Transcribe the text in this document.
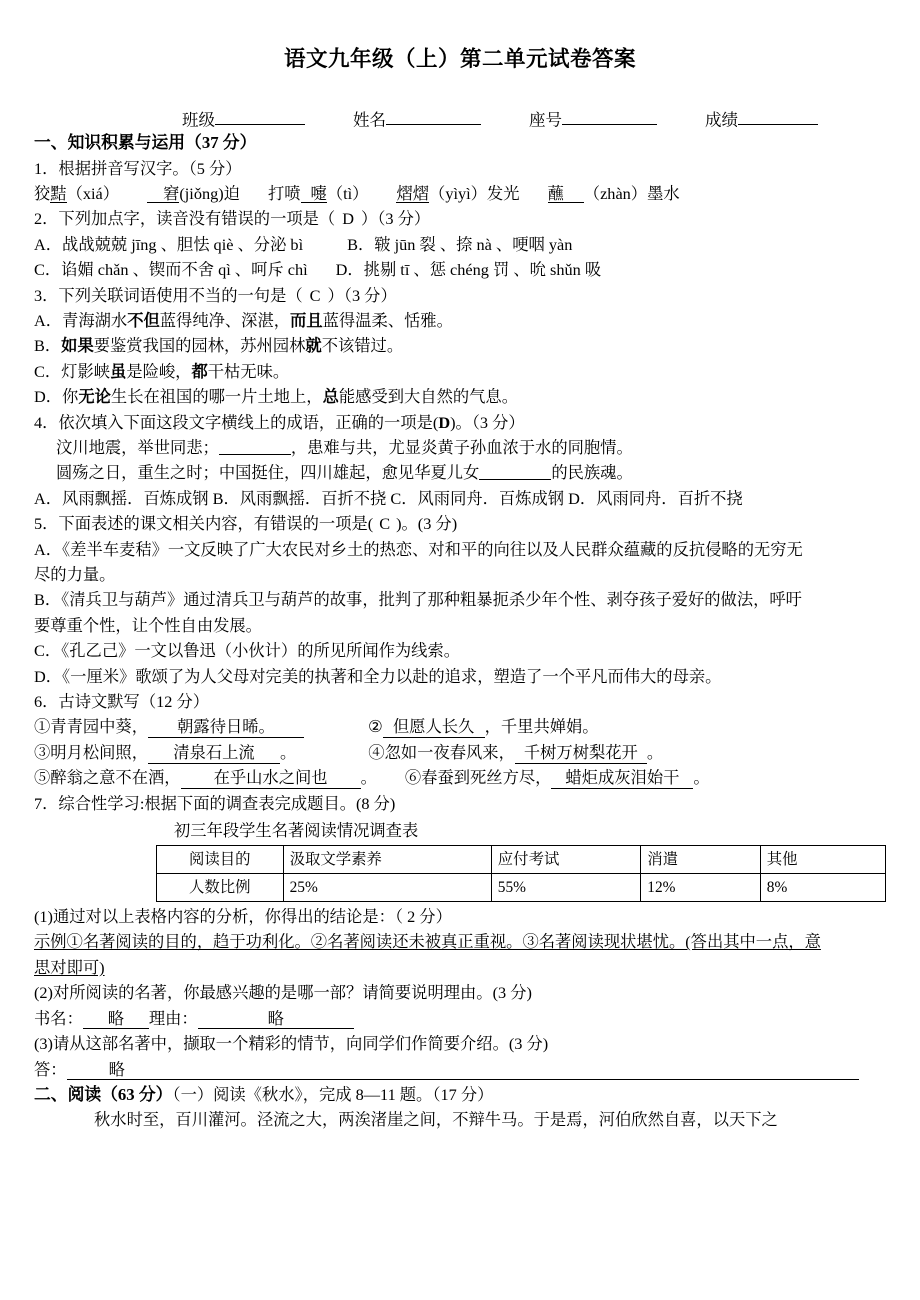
语文九年级（上）第二单元试卷答案
班级	姓名	座号	成绩
一、知识积累与运用（37 分）
1．根据拼音写汉字。（5 分）
狡黠（xiá）	窘(jiǒng)迫 打喷 嚏（tì） 熠熠（yìyì）发光 蘸 （zhàn）墨水
2．下列加点字，读音没有错误的一项是（ D ）（3 分）
A．战战兢兢 jīng 、胆怯 qiè 、分泌 bì	B．皲 jūn 裂 、捺 nà 、哽咽 yàn
C．谄媚 chǎn 、锲而不舍 qì 、呵斥 chì D．挑剔 tī 、惩 chéng 罚 、吮 shǔn 吸
3．下列关联词语使用不当的一句是（ C ）（3 分）
A．青海湖水不但蓝得纯净、深湛，而且蓝得温柔、恬雅。
B．如果要鉴赏我国的园林，苏州园林就不该错过。
C．灯影峡虽是险峻，都干枯无味。
D．你无论生长在祖国的哪一片土地上，总能感受到大自然的气息。
4．依次填入下面这段文字横线上的成语，正确的一项是(D)。（3 分）
汶川地震，举世同悲；	，患难与共，尤显炎黄子孙血浓于水的同胞情。
圆殇之日，重生之时；中国挺住，四川雄起，愈见华夏儿女	的民族魂。
A．风雨飘摇．百炼成钢 B．风雨飘摇．百折不挠 C．风雨同舟．百炼成钢 D．风雨同舟．百折不挠
5．下面表述的课文相关内容，有错误的一项是( C )。(3 分)
A．《差半车麦秸》一文反映了广大农民对乡土的热恋、对和平的向往以及人民群众蕴藏的反抗侵略的无穷无尽的力量。
B．《清兵卫与葫芦》通过清兵卫与葫芦的故事，批判了那种粗暴扼杀少年个性、剥夺孩子爱好的做法，呼吁要尊重个性，让个性自由发展。
C．《孔乙己》一文以鲁迅（小伙计）的所见所闻作为线索。
D．《一厘米》歌颂了为人父母对完美的执著和全力以赴的追求，塑造了一个平凡而伟大的母亲。
6．古诗文默写（12 分）
①青青园中葵， 朝露待日晞。	② 但愿人长久 ，千里共婵娟。
③明月松间照， 清泉石上流 。	④忽如一夜春风来， 千树万树梨花开 。
⑤醉翁之意不在酒， 在乎山水之间也 。 ⑥春蚕到死丝方尽， 蜡炬成灰泪始干 。
7．综合性学习:根据下面的调查表完成题目。(8 分)
初三年段学生名著阅读情况调查表
阅读目的	汲取文学素养	应付考试	消遣	其他
人数比例	25%	55%	12%	8%
(1)通过对以上表格内容的分析，你得出的结论是：（ 2 分）
示例①名著阅读的目的，趋于功利化。②名著阅读还未被真正重视。③名著阅读现状堪忧。(答出其中一点，意思对即可)
(2)对所阅读的名著，你最感兴趣的是哪一部？请简要说明理由。(3 分)
书名： 略 理由：	略
(3)请从这部名著中，撷取一个精彩的情节，向同学们作简要介绍。(3 分)
答：	略
二、阅读（63 分）（一）阅读《秋水》，完成 8—11 题。（17 分）
秋水时至，百川灌河。泾流之大，两涘渚崖之间，不辩牛马。于是焉，河伯欣然自喜，以天下之
